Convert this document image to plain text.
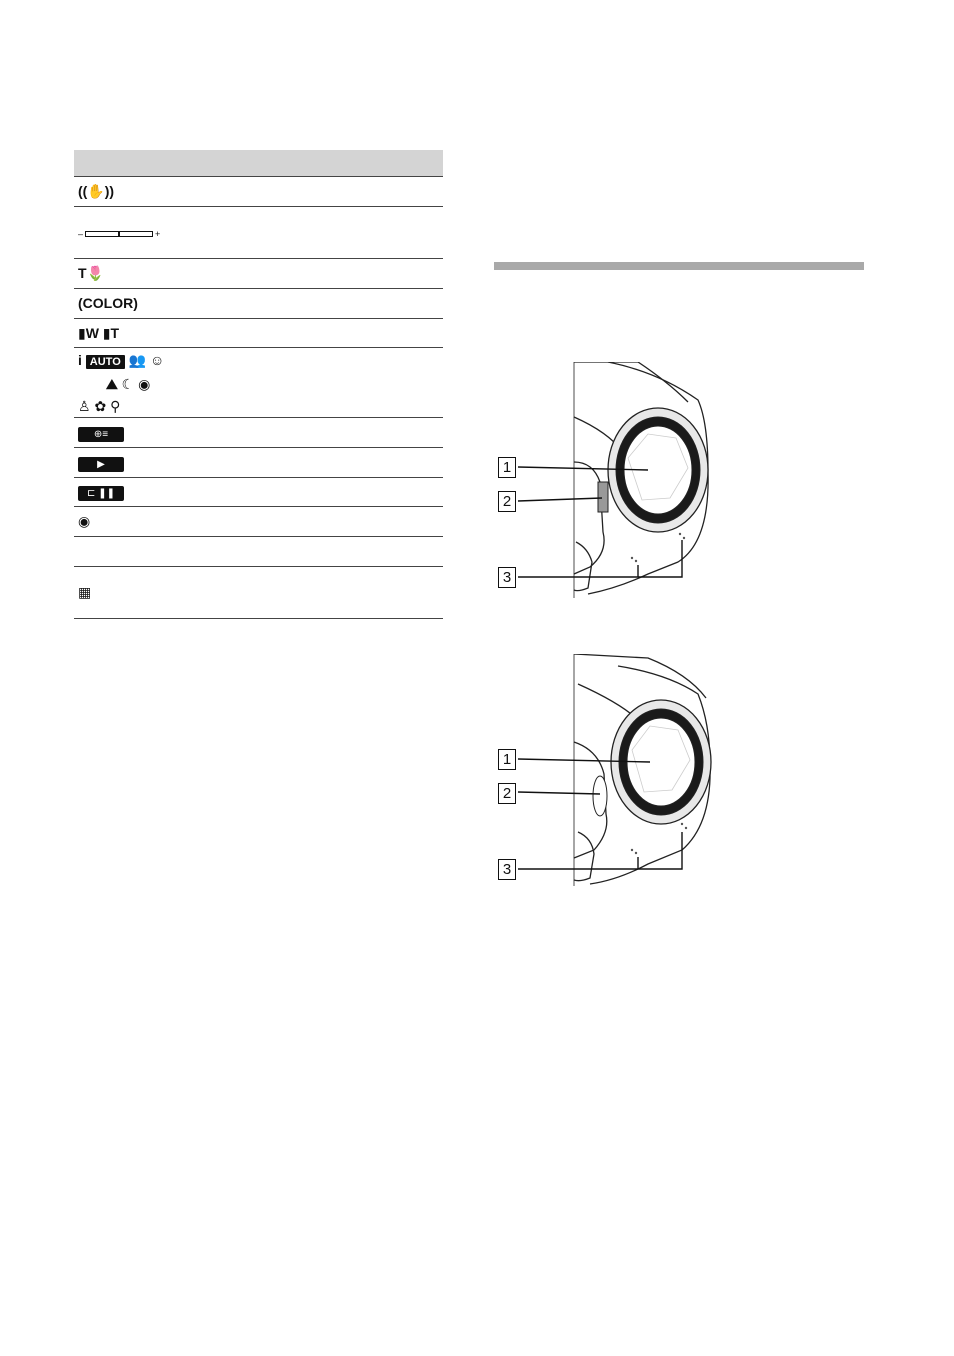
((✋))

–	+

T🌷
(COLOR)
▮W ▮T

i AUTO 👥 ☺
⛰ ☾ ◉
♙ ✿ ⚲

⊕≡
▶
⊏ ❚❚
◉

▦
1
2
3
1
2
3
